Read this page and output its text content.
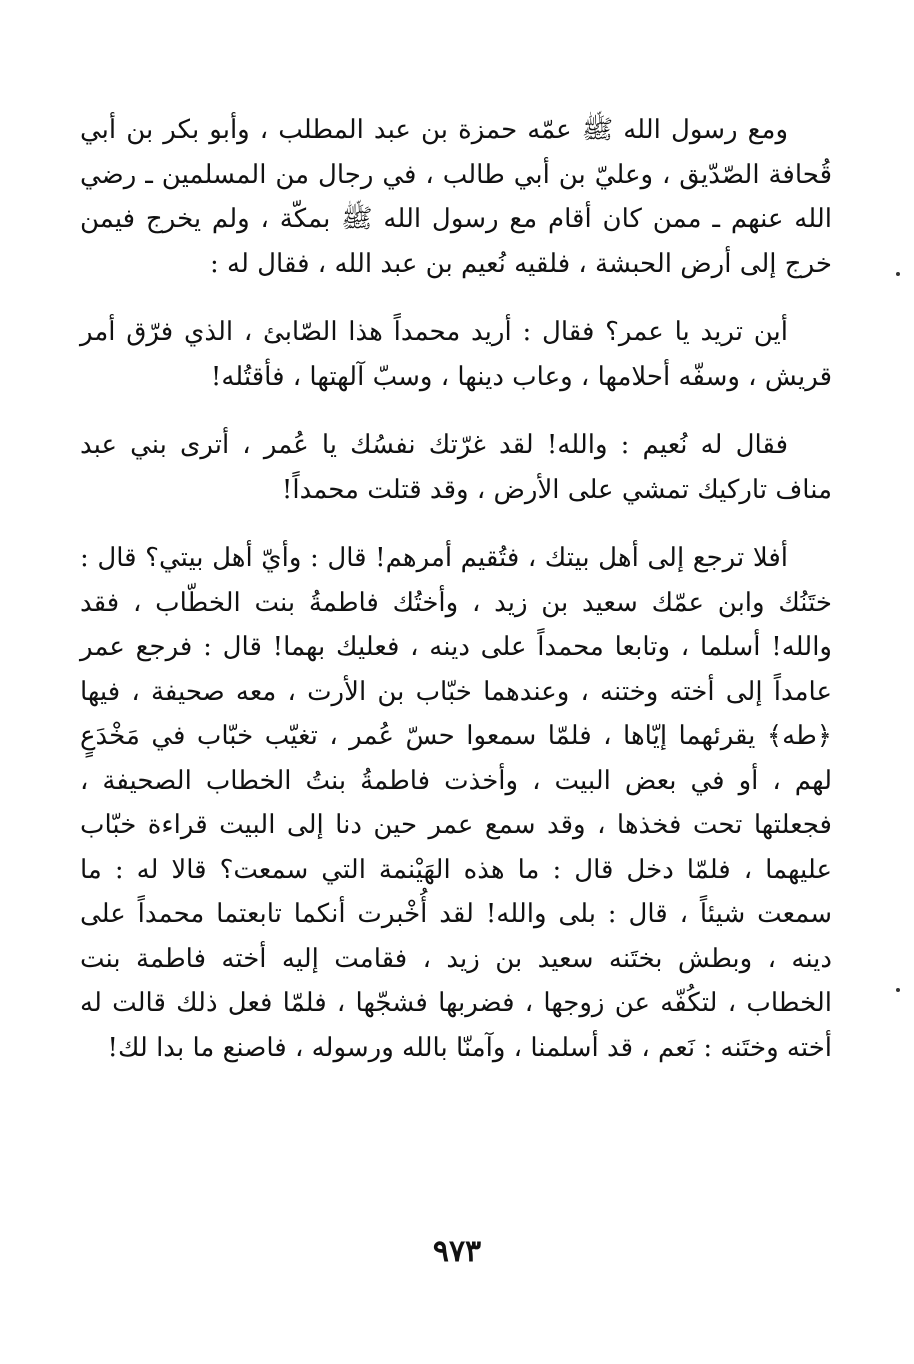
ومع رسول الله ﷺ عمّه حمزة بن عبد المطلب ، وأبو بكر بن أبي قُحافة الصّدّيق ، وعليّ بن أبي طالب ، في رجال من المسلمين ـ رضي الله عنهم ـ ممن كان أقام مع رسول الله ﷺ بمكّة ، ولم يخرج فيمن خرج إلى أرض الحبشة ، فلقيه نُعيم بن عبد الله ، فقال له :

أين تريد يا عمر؟ فقال : أريد محمداً هذا الصّابئ ، الذي فرّق أمر قريش ، وسفّه أحلامها ، وعاب دينها ، وسبّ آلهتها ، فأقتُله!

فقال له نُعيم : والله! لقد غرّتك نفسُك يا عُمر ، أترى بني عبد مناف تاركيك تمشي على الأرض ، وقد قتلت محمداً!

أفلا ترجع إلى أهل بيتك ، فتُقيم أمرهم! قال : وأيّ أهل بيتي؟ قال : ختَنُك وابن عمّك سعيد بن زيد ، وأختُك فاطمةُ بنت الخطّاب ، فقد والله! أسلما ، وتابعا محمداً على دينه ، فعليك بهما! قال : فرجع عمر عامداً إلى أخته وختنه ، وعندهما خبّاب بن الأرت ، معه صحيفة ، فيها ﴿طه﴾ يقرئهما إيّاها ، فلمّا سمعوا حسّ عُمر ، تغيّب خبّاب في مَخْدَعٍ لهم ، أو في بعض البيت ، وأخذت فاطمةُ بنتُ الخطاب الصحيفة ، فجعلتها تحت فخذها ، وقد سمع عمر حين دنا إلى البيت قراءة خبّاب عليهما ، فلمّا دخل قال : ما هذه الهَيْنمة التي سمعت؟ قالا له : ما سمعت شيئاً ، قال : بلى والله! لقد أُخْبرت أنكما تابعتما محمداً على دينه ، وبطش بختَنه سعيد بن زيد ، فقامت إليه أخته فاطمة بنت الخطاب ، لتكُفّه عن زوجها ، فضربها فشجّها ، فلمّا فعل ذلك قالت له أخته وختَنه : نَعم ، قد أسلمنا ، وآمنّا بالله ورسوله ، فاصنع ما بدا لك!

٩٧٣
